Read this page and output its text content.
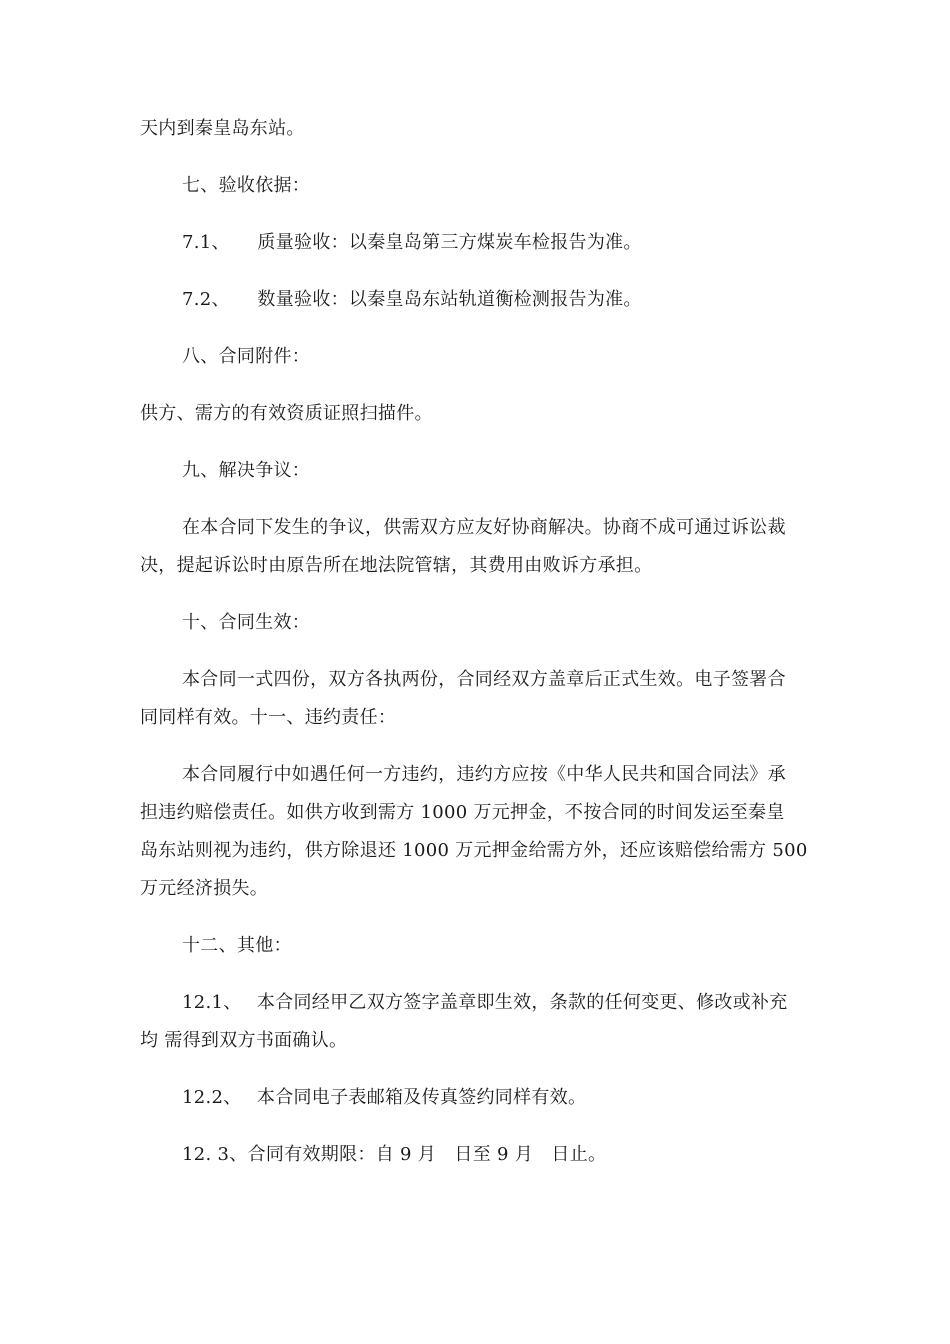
天内到秦皇岛东站。
七、验收依据：
7.1、　　质量验收：以秦皇岛第三方煤炭车检报告为准。
7.2、　　数量验收：以秦皇岛东站轨道衡检测报告为准。
八、合同附件：
供方、需方的有效资质证照扫描件。
九、解决争议：
在本合同下发生的争议，供需双方应友好协商解决。协商不成可通过诉讼裁
决，提起诉讼时由原告所在地法院管辖，其费用由败诉方承担。
十、合同生效：
本合同一式四份，双方各执两份，合同经双方盖章后正式生效。电子签署合
同同样有效。十一、违约责任：
本合同履行中如遇任何一方违约，违约方应按《中华人民共和国合同法》承
担违约赔偿责任。如供方收到需方 1000 万元押金，不按合同的时间发运至秦皇
岛东站则视为违约，供方除退还 1000 万元押金给需方外，还应该赔偿给需方 500
万元经济损失。
十二、其他：
12.1、　 本合同经甲乙双方签字盖章即生效，条款的任何变更、修改或补充
均 需得到双方书面确认。
12.2、　 本合同电子表邮箱及传真签约同样有效。
12. 3、合同有效期限：自 9 月　日至 9 月　日止。
